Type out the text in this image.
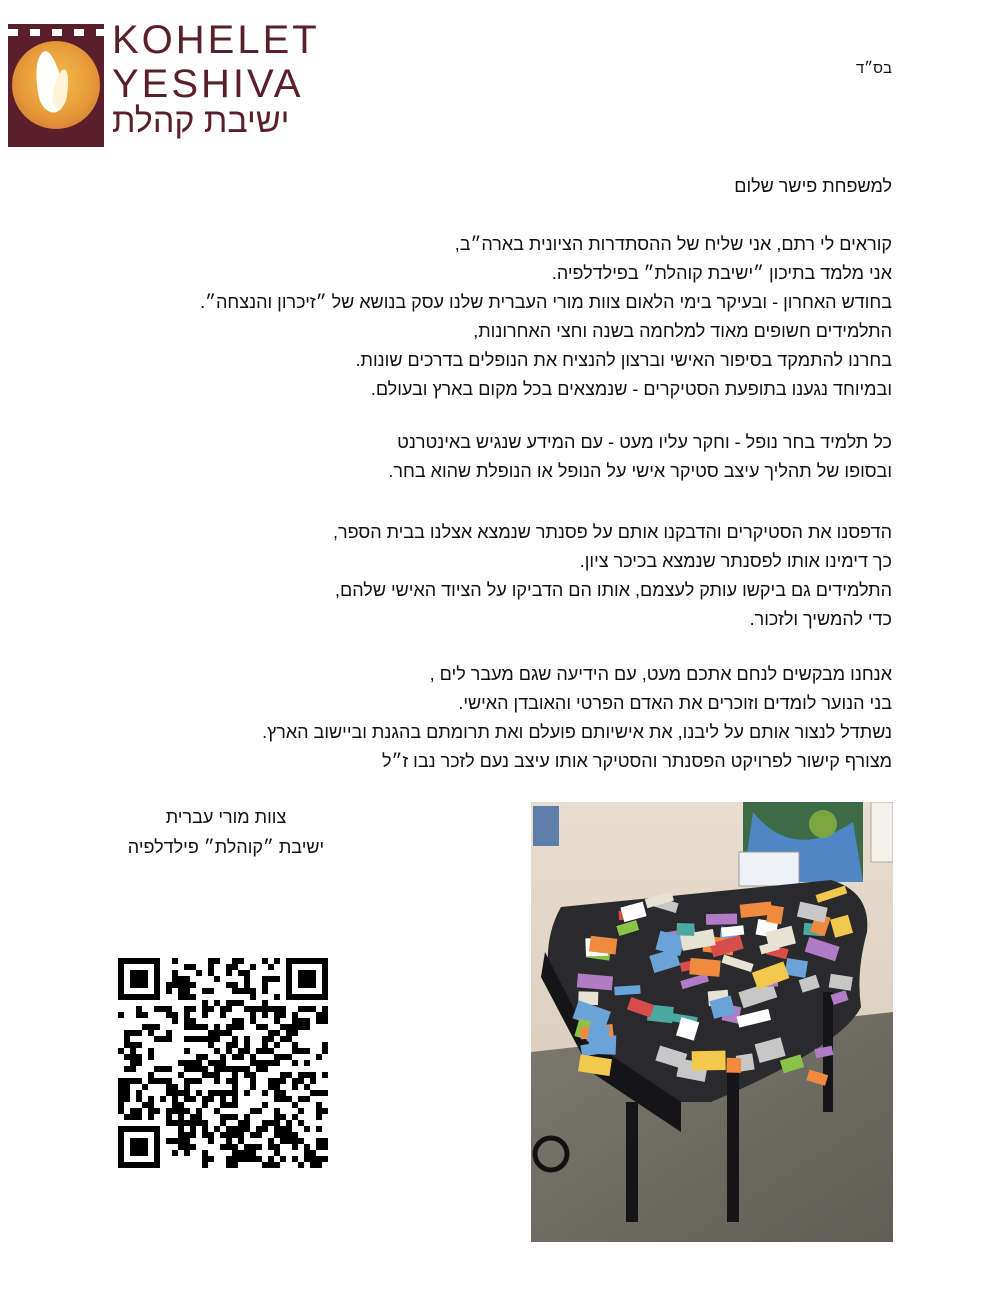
KOHELET
YESHIVA
ישיבת קהלת
בס״ד
למשפחת פישר שלום
קוראים לי רתם, אני שליח של ההסתדרות הציונית בארה״ב,
אני מלמד בתיכון ״ישיבת קוהלת״ בפילדלפיה.
בחודש האחרון - ובעיקר בימי הלאום צוות מורי העברית שלנו עסק בנושא של ״זיכרון והנצחה״.
התלמידים חשופים מאוד למלחמה בשנה וחצי האחרונות,
בחרנו להתמקד בסיפור האישי וברצון להנציח את הנופלים בדרכים שונות.
ובמיוחד נגענו בתופעת הסטיקרים - שנמצאים בכל מקום בארץ ובעולם.
כל תלמיד בחר נופל - וחקר עליו מעט - עם המידע שנגיש באינטרנט
ובסופו של תהליך עיצב סטיקר אישי על הנופל או הנופלת שהוא בחר.
הדפסנו את הסטיקרים והדבקנו אותם על פסנתר שנמצא אצלנו בבית הספר,
כך דימינו אותו לפסנתר שנמצא בכיכר ציון.
התלמידים גם ביקשו עותק לעצמם, אותו הם הדביקו על הציוד האישי שלהם,
כדי להמשיך ולזכור.
אנחנו מבקשים לנחם אתכם מעט, עם הידיעה שגם מעבר לים ,
בני הנוער לומדים וזוכרים את האדם הפרטי והאובדן האישי.
נשתדל לנצור אותם על ליבנו, את אישיותם פועלם ואת תרומתם בהגנת וביישוב הארץ.
מצורף קישור לפרויקט הפסנתר והסטיקר אותו עיצב נעם לזכר נבו ז״ל
צוות מורי עברית
ישיבת ״קוהלת״ פילדלפיה
